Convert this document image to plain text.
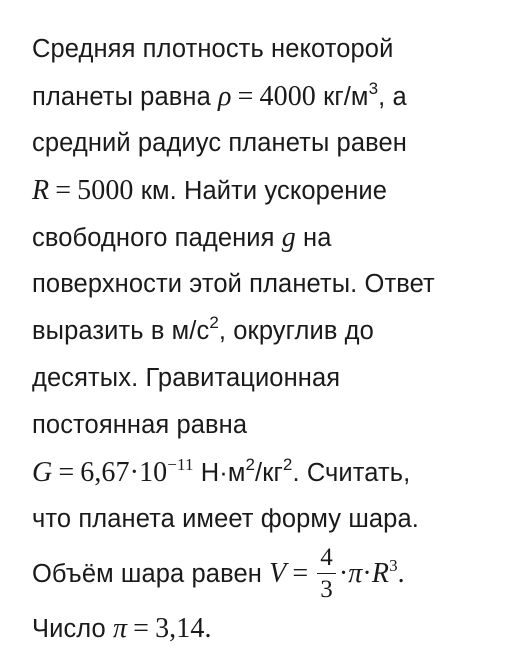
Средняя плотность некоторой
планеты равна ρ = 4000 $кг/м^3$, а
средний радиус планеты равен
R = 5000 км. Найти ускорение
свободного падения g на
поверхности этой планеты. Ответ
выразить в $м/с^2$, округлив до
десятых. Гравитационная
постоянная равна
$G = 6,67\cdot 10^{-11}$ $Н\cdot м^2/кг^2$. Считать,
что планета имеет форму шара.
Объём шара равен $V = \frac{4}{3} \cdot\pi\cdot R^3$.
Число π = 3,14.
